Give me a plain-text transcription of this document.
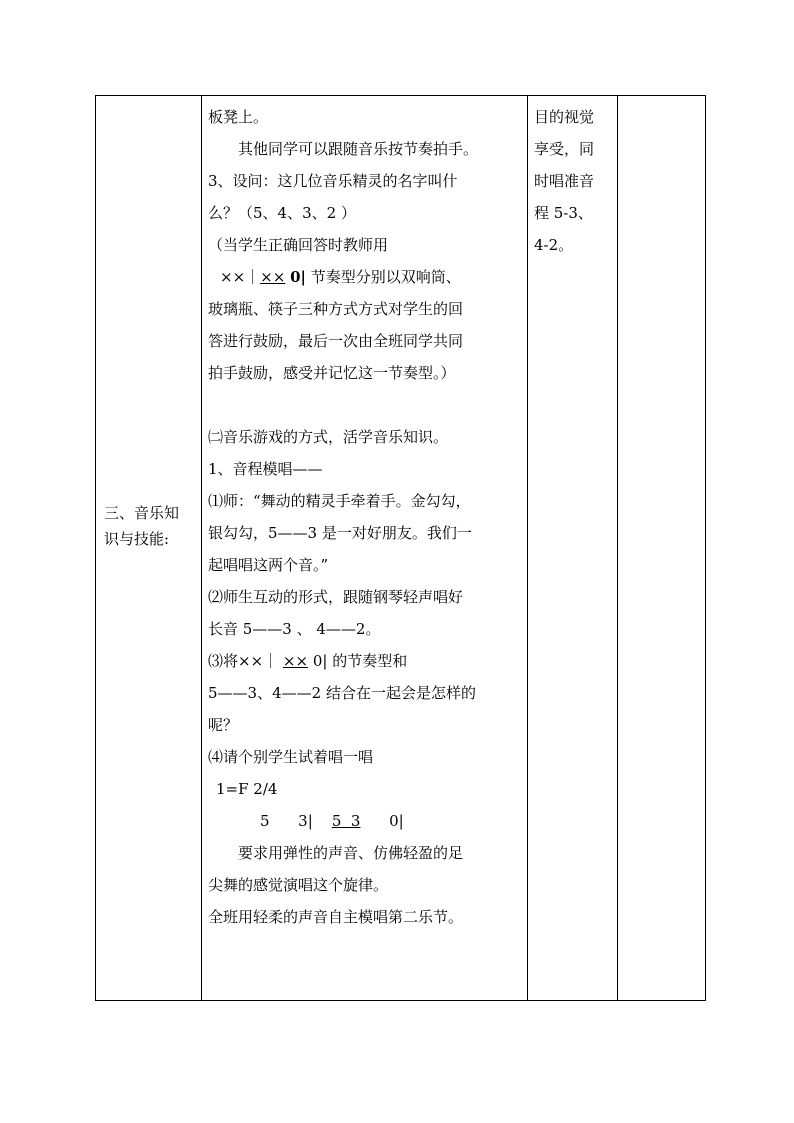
三、音乐知
识与技能:
板凳上。
其他同学可以跟随音乐按节奏拍手。
3、设问：这几位音乐精灵的名字叫什
么？（5、4、3、2 ）
（当学生正确回答时教师用
××｜×× 0| 节奏型分别以双响筒、
玻璃瓶、筷子三种方式方式对学生的回
答进行鼓励，最后一次由全班同学共同
拍手鼓励，感受并记忆这一节奏型。）
㈡音乐游戏的方式，活学音乐知识。
1、音程模唱——
⑴师：“舞动的精灵手牵着手。金勾勾，
银勾勾，5——3 是一对好朋友。我们一
起唱唱这两个音。”
⑵师生互动的形式，跟随钢琴轻声唱好
长音 5——3 、 4——2。
⑶将××｜ ×× 0| 的节奏型和
5——3、4——2 结合在一起会是怎样的
呢？
⑷请个别学生试着唱一唱
1=F 2/4
5      3| 5  3 0|
要求用弹性的声音、仿佛轻盈的足
尖舞的感觉演唱这个旋律。
全班用轻柔的声音自主模唱第二乐节。
目的视觉
享受，同
时唱准音
程 5-3、
4-2。
